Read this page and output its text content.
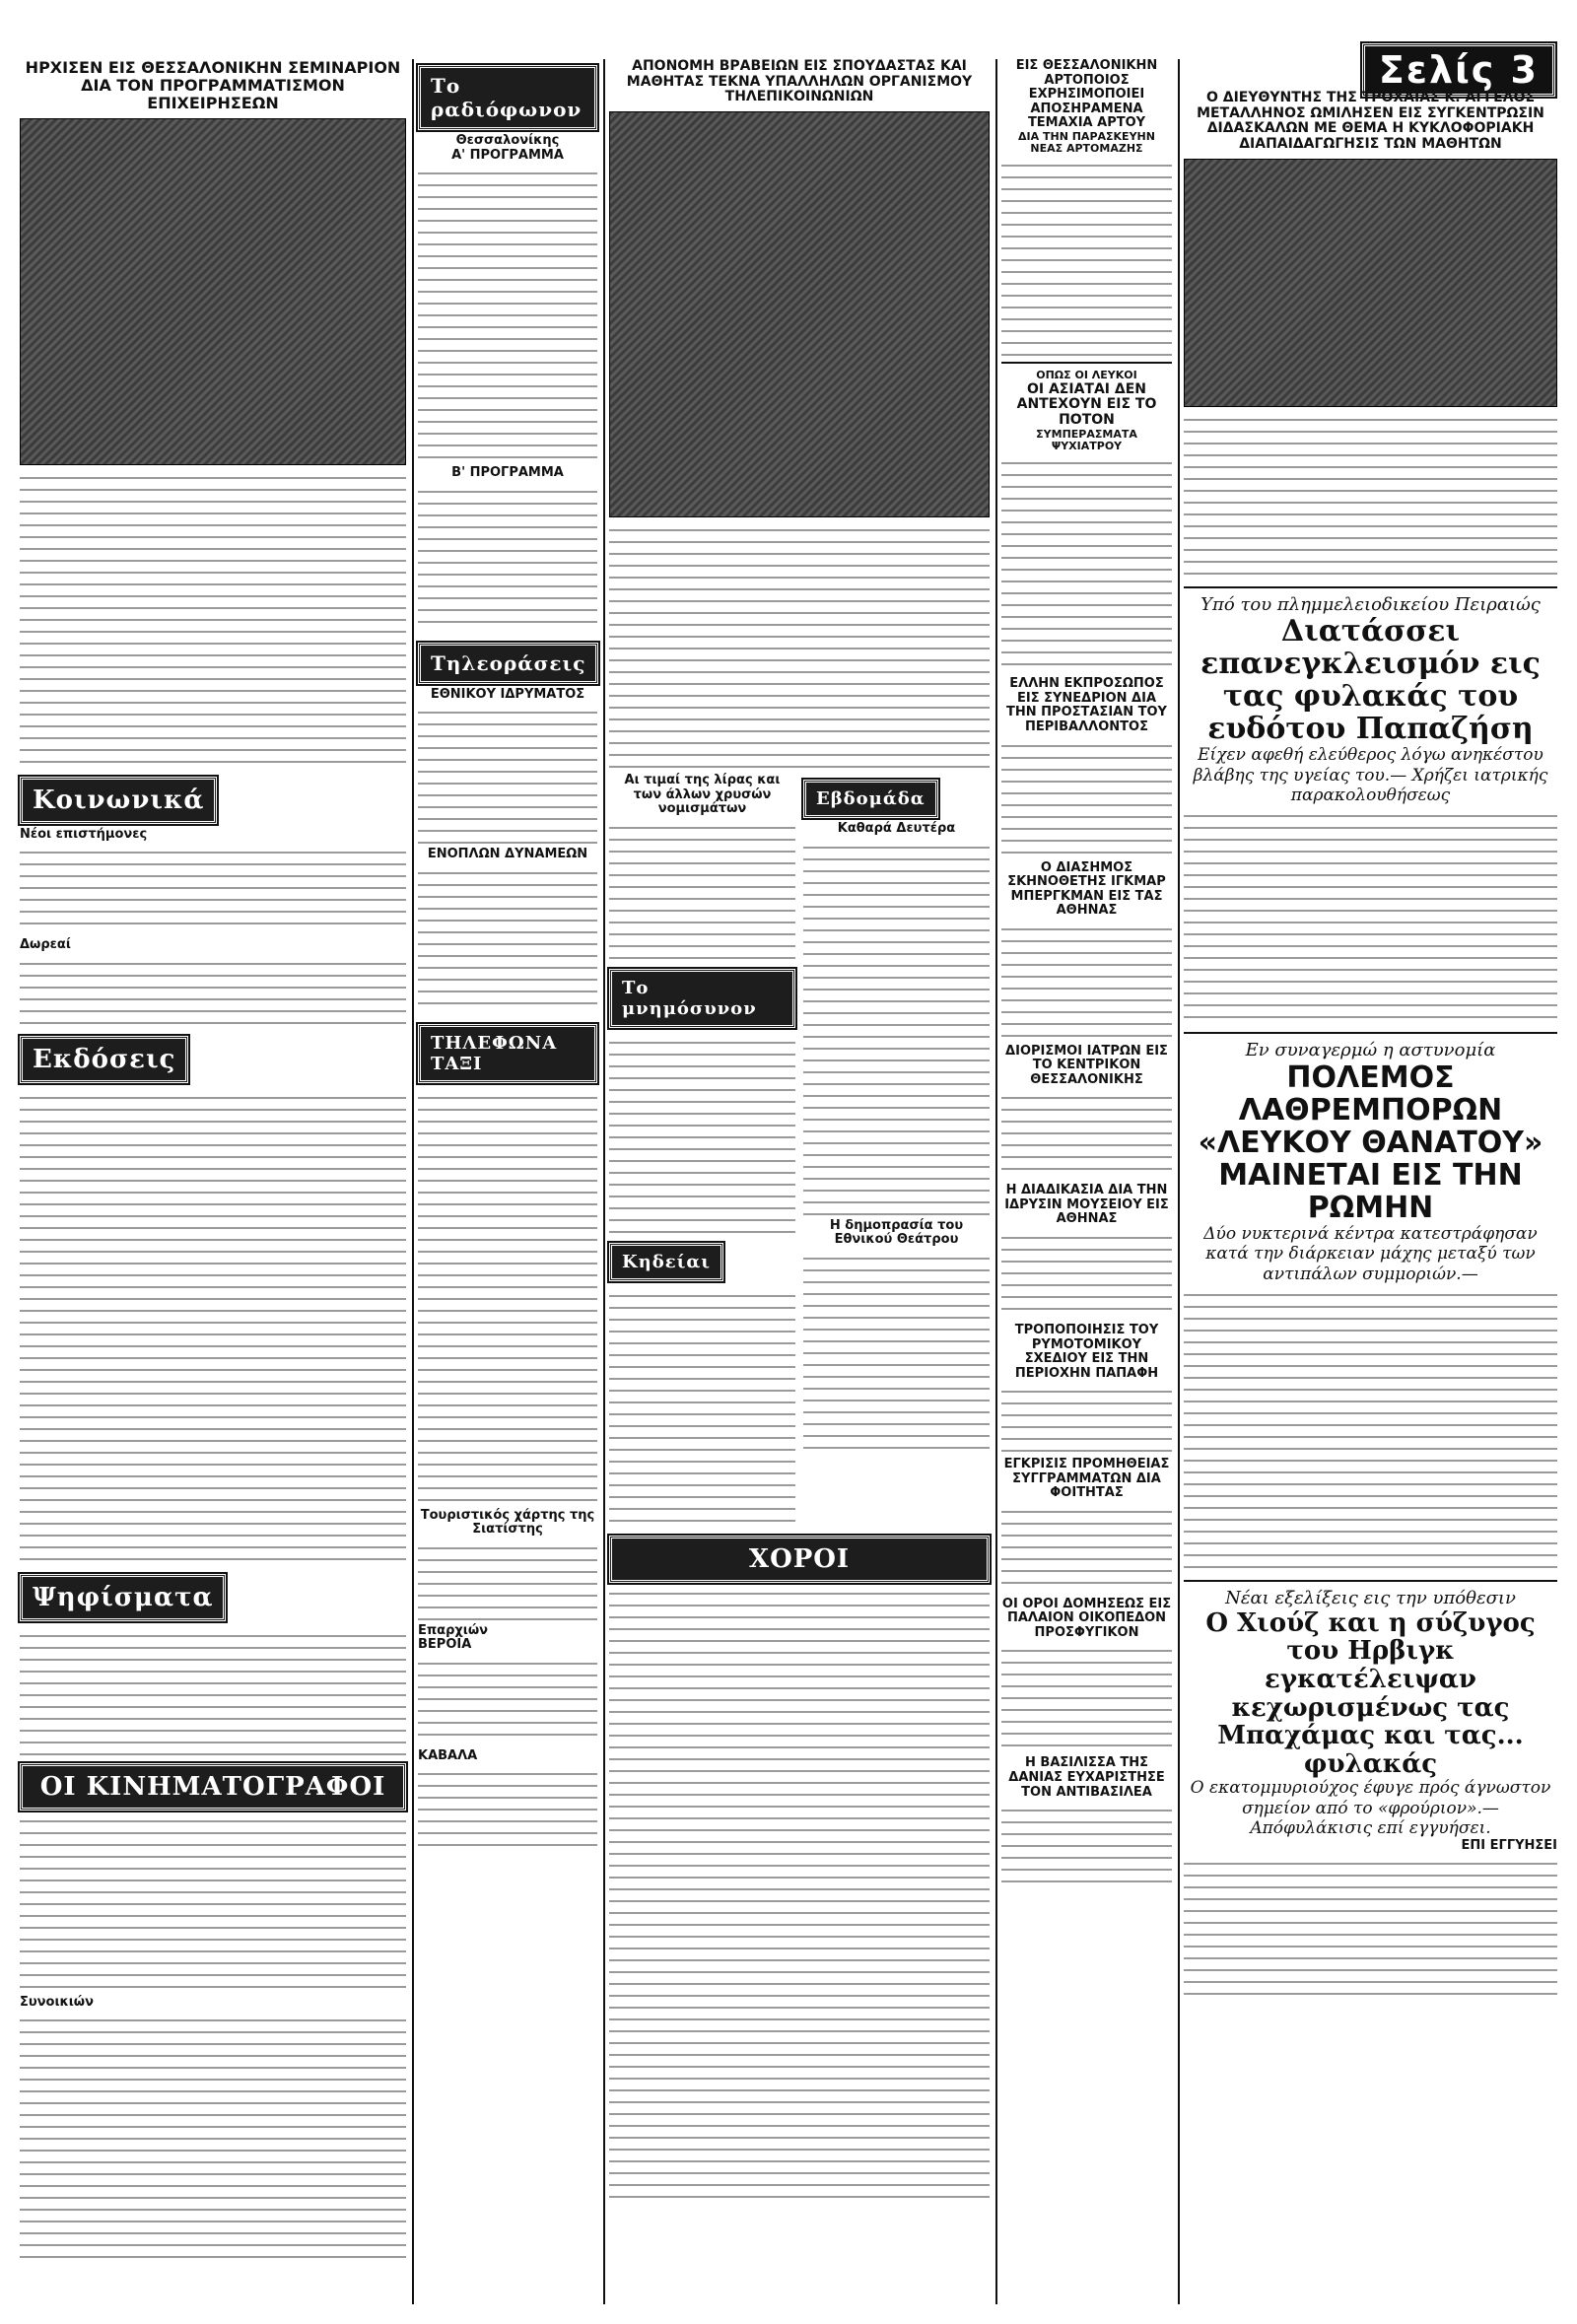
Σελίς 3
ΗΡΧΙΣΕΝ ΕΙΣ ΘΕΣΣΑΛΟΝΙΚΗΝ ΣΕΜΙΝΑΡΙΟΝ ΔΙΑ ΤΟΝ ΠΡΟΓΡΑΜΜΑΤΙΣΜΟΝ ΕΠΙΧΕΙΡΗΣΕΩΝ
Κοινωνικά
Νέοι επιστήμονες
Δωρεαί
Εκδόσεις
Ψηφίσματα
ΟΙ ΚΙΝΗΜΑΤΟΓΡΑΦΟΙ
Συνοικιών
Το ραδιόφωνον
Θεσσαλονίκης
Α' ΠΡΟΓΡΑΜΜΑ
Β' ΠΡΟΓΡΑΜΜΑ
Τηλεοράσεις
ΕΘΝΙΚΟΥ ΙΔΡΥΜΑΤΟΣ
ΕΝΟΠΛΩΝ ΔΥΝΑΜΕΩΝ
ΤΗΛΕΦΩΝΑ ΤΑΞΙ
Τουριστικός χάρτης της Σιατίστης
Επαρχιών
ΒΕΡΟΙΑ
ΚΑΒΑΛΑ
ΑΠΟΝΟΜΗ ΒΡΑΒΕΙΩΝ ΕΙΣ ΣΠΟΥΔΑΣΤΑΣ ΚΑΙ ΜΑΘΗΤΑΣ ΤΕΚΝΑ ΥΠΑΛΛΗΛΩΝ ΟΡΓΑΝΙΣΜΟΥ ΤΗΛΕΠΙΚΟΙΝΩΝΙΩΝ
Αι τιμαί της λίρας και των άλλων χρυσών νομισμάτων
Το μνημόσυνον
Κηδείαι
Εβδομάδα
Καθαρά Δευτέρα
Η δημοπρασία του Εθνικού Θεάτρου
ΧΟΡΟΙ
ΕΙΣ ΘΕΣΣΑΛΟΝΙΚΗΝ ΑΡΤΟΠΟΙΟΣ ΕΧΡΗΣΙΜΟΠΟΙΕΙ ΑΠΟΣΗΡΑΜΕΝΑ ΤΕΜΑΧΙΑ ΑΡΤΟΥ
ΔΙΑ ΤΗΝ ΠΑΡΑΣΚΕΥΗΝ ΝΕΑΣ ΑΡΤΟΜΑΖΗΣ
ΟΠΩΣ ΟΙ ΛΕΥΚΟΙ
ΟΙ ΑΣΙΑΤΑΙ ΔΕΝ ΑΝΤΕΧΟΥΝ ΕΙΣ ΤΟ ΠΟΤΟΝ
ΣΥΜΠΕΡΑΣΜΑΤΑ ΨΥΧΙΑΤΡΟΥ
ΕΛΛΗΝ ΕΚΠΡΟΣΩΠΟΣ ΕΙΣ ΣΥΝΕΔΡΙΟΝ ΔΙΑ ΤΗΝ ΠΡΟΣΤΑΣΙΑΝ ΤΟΥ ΠΕΡΙΒΑΛΛΟΝΤΟΣ
Ο ΔΙΑΣΗΜΟΣ ΣΚΗΝΟΘΕΤΗΣ ΙΓΚΜΑΡ ΜΠΕΡΓΚΜΑΝ ΕΙΣ ΤΑΣ ΑΘΗΝΑΣ
ΔΙΟΡΙΣΜΟΙ ΙΑΤΡΩΝ ΕΙΣ ΤΟ ΚΕΝΤΡΙΚΟΝ ΘΕΣΣΑΛΟΝΙΚΗΣ
Η ΔΙΑΔΙΚΑΣΙΑ ΔΙΑ ΤΗΝ ΙΔΡΥΣΙΝ ΜΟΥΣΕΙΟΥ ΕΙΣ ΑΘΗΝΑΣ
ΤΡΟΠΟΠΟΙΗΣΙΣ ΤΟΥ ΡΥΜΟΤΟΜΙΚΟΥ ΣΧΕΔΙΟΥ ΕΙΣ ΤΗΝ ΠΕΡΙΟΧΗΝ ΠΑΠΑΦΗ
ΕΓΚΡΙΣΙΣ ΠΡΟΜΗΘΕΙΑΣ ΣΥΓΓΡΑΜΜΑΤΩΝ ΔΙΑ ΦΟΙΤΗΤΑΣ
ΟΙ ΟΡΟΙ ΔΟΜΗΣΕΩΣ ΕΙΣ ΠΑΛΑΙΟΝ ΟΙΚΟΠΕΔΟΝ ΠΡΟΣΦΥΓΙΚΟΝ
Η ΒΑΣΙΛΙΣΣΑ ΤΗΣ ΔΑΝΙΑΣ ΕΥΧΑΡΙΣΤΗΣΕ ΤΟΝ ΑΝΤΙΒΑΣΙΛΕΑ
Ο ΔΙΕΥΘΥΝΤΗΣ ΤΗΣ ΤΡΟΧΑΙΑΣ Κ. ΑΓΓΕΛΟΣ ΜΕΤΑΛΛΗΝΟΣ ΩΜΙΛΗΣΕΝ ΕΙΣ ΣΥΓΚΕΝΤΡΩΣΙΝ ΔΙΔΑΣΚΑΛΩΝ ΜΕ ΘΕΜΑ Η ΚΥΚΛΟΦΟΡΙΑΚΗ ΔΙΑΠΑΙΔΑΓΩΓΗΣΙΣ ΤΩΝ ΜΑΘΗΤΩΝ
Υπό του πλημμελειοδικείου Πειραιώς
Διατάσσει επανεγκλεισμόν εις τας φυλακάς του ευδότου Παπαζήση
Είχεν αφεθή ελεύθερος λόγω ανηκέστου βλάβης της υγείας του.— Χρήζει ιατρικής παρακολουθήσεως
Εν συναγερμώ η αστυνομία
ΠΟΛΕΜΟΣ ΛΑΘΡΕΜΠΟΡΩΝ «ΛΕΥΚΟΥ ΘΑΝΑΤΟΥ» ΜΑΙΝΕΤΑΙ ΕΙΣ ΤΗΝ ΡΩΜΗΝ
Δύο νυκτερινά κέντρα κατεστράφησαν κατά την διάρκειαν μάχης μεταξύ των αντιπάλων συμμοριών.—
Νέαι εξελίξεις εις την υπόθεσιν
Ο Χιούζ και η σύζυγος του Ηρβιγκ εγκατέλειψαν κεχωρισμένως τας Μπαχάμας και τας... φυλακάς
Ο εκατομμυριούχος έφυγε πρός άγνωστον σημείον από το «φρούριον».— Απόφυλάκισις επί εγγυήσει.
ΕΠΙ ΕΓΓΥΗΣΕΙ
